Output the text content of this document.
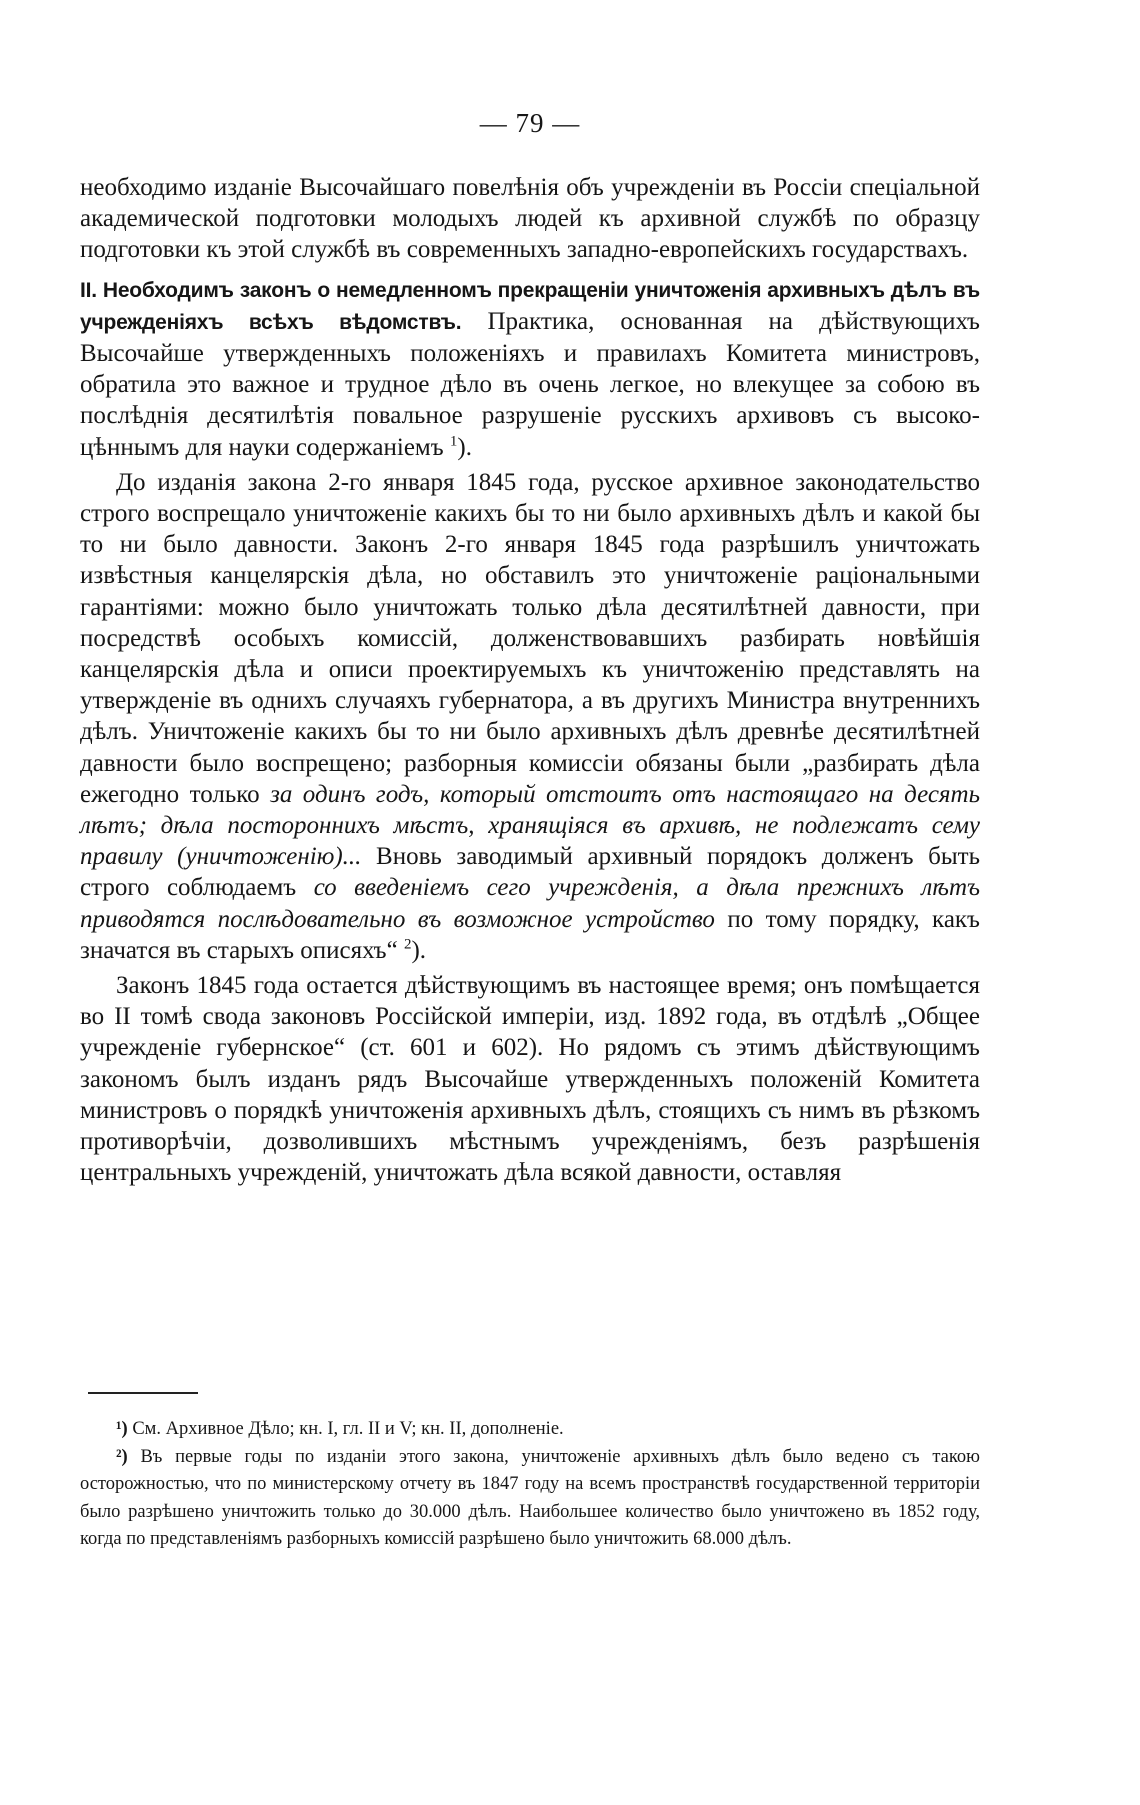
— 79 —

необходимо изданіе Высочайшаго повелѣнія объ учрежденіи въ Россіи спеціальной академической подготовки молодыхъ людей къ архивной службѣ по образцу подготовки къ этой службѣ въ современныхъ западно-европейскихъ государствахъ.

II. Необходимъ законъ о немедленномъ прекращеніи уничтоженія архивныхъ дѣлъ въ учрежденіяхъ всѣхъ вѣдомствъ. Практика, основанная на дѣйствующихъ Высочайше утвержденныхъ положеніяхъ и правилахъ Комитета министровъ, обратила это важное и трудное дѣло въ очень легкое, но влекущее за собою въ послѣднія десятилѣтія повальное разрушеніе русскихъ архивовъ съ высоко-цѣннымъ для науки содержаніемъ $^1$).

До изданія закона 2-го января 1845 года, русское архивное законодательство строго воспрещало уничтоженіе какихъ бы то ни было архивныхъ дѣлъ и какой бы то ни было давности. Законъ 2-го января 1845 года разрѣшилъ уничтожать извѣстныя канцелярскія дѣла, но обставилъ это уничтоженіе раціональными гарантіями: можно было уничтожать только дѣла десятилѣтней давности, при посредствѣ особыхъ комиссій, долженствовавшихъ разбирать новѣйшія канцелярскія дѣла и описи проектируемыхъ къ уничтоженію представлять на утвержденіе въ однихъ случаяхъ губернатора, а въ другихъ Министра внутреннихъ дѣлъ. Уничтоженіе какихъ бы то ни было архивныхъ дѣлъ древнѣе десятилѣтней давности было воспрещено; разборныя комиссіи обязаны были „разбирать дѣла ежегодно только за одинъ годъ, который отстоитъ отъ настоящаго на десять лѣтъ; дѣла постороннихъ мѣстъ, хранящіяся въ архивѣ, не подлежатъ сему правилу (уничтоженію)... Вновь заводимый архивный порядокъ долженъ быть строго соблюдаемъ со введеніемъ сего учрежденія, а дѣла прежнихъ лѣтъ приводятся послѣдовательно въ возможное устройство по тому порядку, какъ значатся въ старыхъ описяхъ“ $^2$).

Законъ 1845 года остается дѣйствующимъ въ настоящее время; онъ помѣщается во II томѣ свода законовъ Россійской имперіи, изд. 1892 года, въ отдѣлѣ „Общее учрежденіе губернское“ (ст. 601 и 602). Но рядомъ съ этимъ дѣйствующимъ закономъ былъ изданъ рядъ Высочайше утвержденныхъ положеній Комитета министровъ о порядкѣ уничтоженія архивныхъ дѣлъ, стоящихъ съ нимъ въ рѣзкомъ противорѣчіи, дозволившихъ мѣстнымъ учрежденіямъ, безъ разрѣшенія центральныхъ учрежденій, уничтожать дѣла всякой давности, оставляя

¹) См. Архивное Дѣло; кн. I, гл. II и V; кн. II, дополненіе.

²) Въ первые годы по изданіи этого закона, уничтоженіе архивныхъ дѣлъ было ведено съ такою осторожностью, что по министерскому отчету въ 1847 году на всемъ пространствѣ государственной территоріи было разрѣшено уничтожить только до 30.000 дѣлъ. Наибольшее количество было уничтожено въ 1852 году, когда по представленіямъ разборныхъ комиссій разрѣшено было уничтожить 68.000 дѣлъ.
